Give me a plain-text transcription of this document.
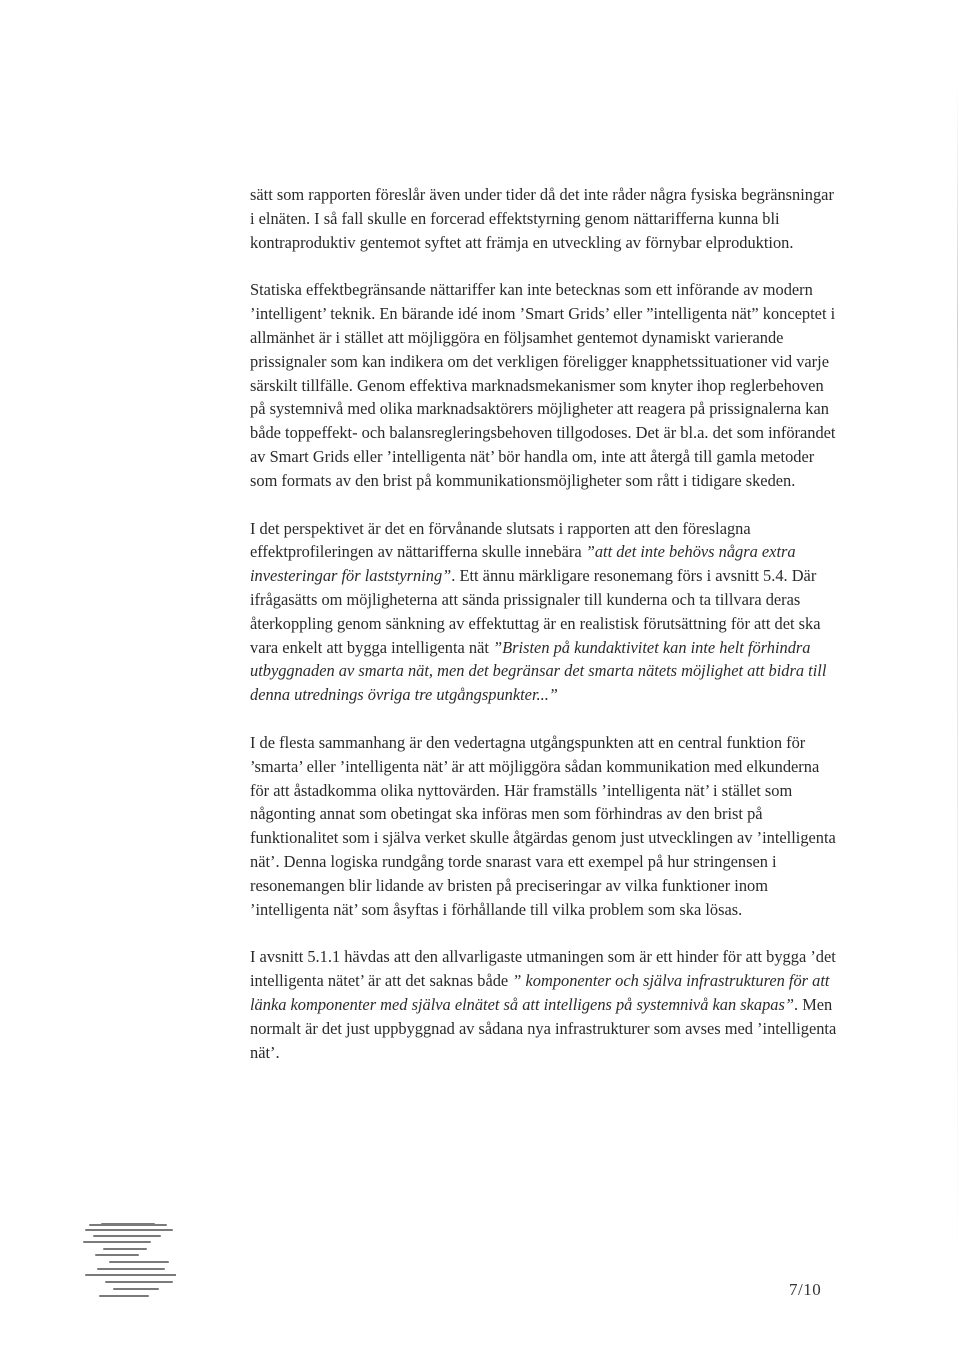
sätt som rapporten föreslår även under tider då det inte råder några fysiska begränsningar i elnäten. I så fall skulle en forcerad effektstyrning genom nättarifferna kunna bli kontraproduktiv gentemot syftet att främja en utveckling av förnybar elproduktion.

Statiska effektbegränsande nättariffer kan inte betecknas som ett införande av modern ’intelligent’ teknik. En bärande idé inom ’Smart Grids’ eller ”intelligenta nät” konceptet i allmänhet är i stället att möjliggöra en följsamhet gentemot dynamiskt varierande prissignaler som kan indikera om det verkligen föreligger knapphetssituationer vid varje särskilt tillfälle. Genom effektiva marknadsmekanismer som knyter ihop reglerbehoven på systemnivå med olika marknadsaktörers möjligheter att reagera på prissignalerna kan både toppeffekt- och balansregleringsbehoven tillgodoses. Det är bl.a. det som införandet av Smart Grids eller ’intelligenta nät’ bör handla om, inte att återgå till gamla metoder som formats av den brist på kommunikationsmöjligheter som rått i tidigare skeden.

I det perspektivet är det en förvånande slutsats i rapporten att den föreslagna effektprofileringen av nättarifferna skulle innebära ”att det inte behövs några extra investeringar för laststyrning”. Ett ännu märkligare resonemang förs i avsnitt 5.4. Där ifrågasätts om möjligheterna att sända prissignaler till kunderna och ta tillvara deras återkoppling genom sänkning av effektuttag är en realistisk förutsättning för att det ska vara enkelt att bygga intelligenta nät ”Bristen på kundaktivitet kan inte helt förhindra utbyggnaden av smarta nät, men det begränsar det smarta nätets möjlighet att bidra till denna utrednings övriga tre utgångspunkter...”

I de flesta sammanhang är den vedertagna utgångspunkten att en central funktion för ’smarta’ eller ’intelligenta nät’ är att möjliggöra sådan kommunikation med elkunderna för att åstadkomma olika nyttovärden. Här framställs ’intelligenta nät’ i stället som någonting annat som obetingat ska införas men som förhindras av den brist på funktionalitet som i själva verket skulle åtgärdas genom just utvecklingen av ’intelligenta nät’. Denna logiska rundgång torde snarast vara ett exempel på hur stringensen i resonemangen blir lidande av bristen på preciseringar av vilka funktioner inom ’intelligenta nät’ som åsyftas i förhållande till vilka problem som ska lösas.

I avsnitt 5.1.1 hävdas att den allvarligaste utmaningen som är ett hinder för att bygga ’det intelligenta nätet’ är att det saknas både ” komponenter och själva infrastrukturen för att länka komponenter med själva elnätet så att intelligens på systemnivå kan skapas”. Men normalt är det just uppbyggnad av sådana nya infrastrukturer som avses med ’intelligenta nät’.

7/10
